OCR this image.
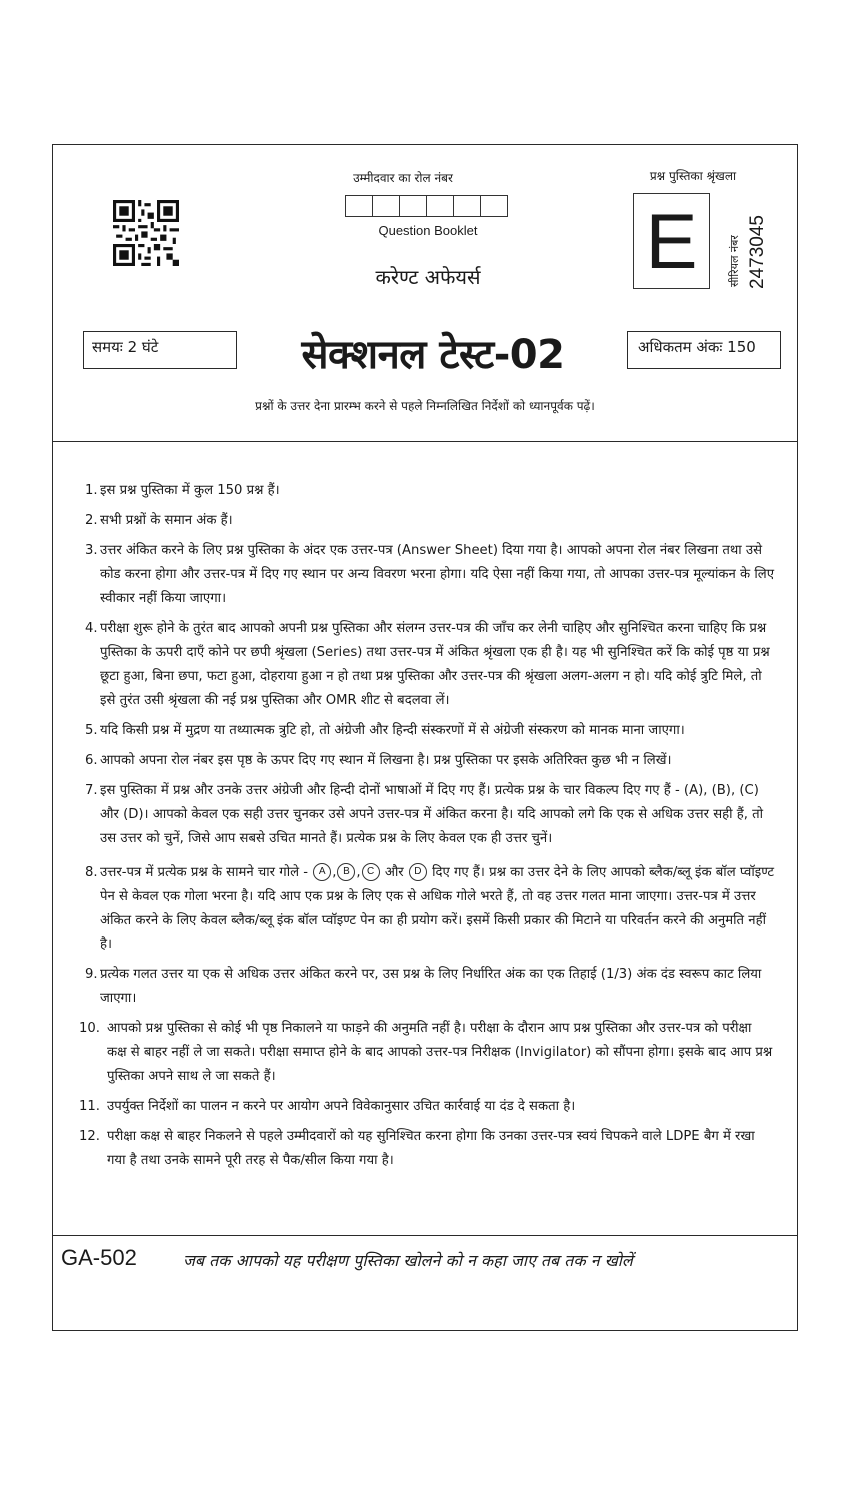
उम्मीदवार का रोल नंबर
Question Booklet
करेण्ट अफेयर्स
प्रश्न पुस्तिका श्रृंखला
E	सीरियल नंबर 2473045
समयः 2 घंटे	सेक्शनल टेस्ट-02	अधिकतम अंकः 150
प्रश्नों के उत्तर देना प्रारम्भ करने से पहले निम्नलिखित निर्देशों को ध्यानपूर्वक पढ़ें।
1. इस प्रश्न पुस्तिका में कुल 150 प्रश्न हैं।
2. सभी प्रश्नों के समान अंक हैं।
3. उत्तर अंकित करने के लिए प्रश्न पुस्तिका के अंदर एक उत्तर-पत्र (Answer Sheet) दिया गया है। आपको अपना रोल नंबर लिखना तथा उसे कोड करना होगा और उत्तर-पत्र में दिए गए स्थान पर अन्य विवरण भरना होगा। यदि ऐसा नहीं किया गया, तो आपका उत्तर-पत्र मूल्यांकन के लिए स्वीकार नहीं किया जाएगा।
4. परीक्षा शुरू होने के तुरंत बाद आपको अपनी प्रश्न पुस्तिका और संलग्न उत्तर-पत्र की जाँच कर लेनी चाहिए और सुनिश्चित करना चाहिए कि प्रश्न पुस्तिका के ऊपरी दाएँ कोने पर छपी श्रृंखला (Series) तथा उत्तर-पत्र में अंकित श्रृंखला एक ही है। यह भी सुनिश्चित करें कि कोई पृष्ठ या प्रश्न छूटा हुआ, बिना छपा, फटा हुआ, दोहराया हुआ न हो तथा प्रश्न पुस्तिका और उत्तर-पत्र की श्रृंखला अलग-अलग न हो। यदि कोई त्रुटि मिले, तो इसे तुरंत उसी श्रृंखला की नई प्रश्न पुस्तिका और OMR शीट से बदलवा लें।
5. यदि किसी प्रश्न में मुद्रण या तथ्यात्मक त्रुटि हो, तो अंग्रेजी और हिन्दी संस्करणों में से अंग्रेजी संस्करण को मानक माना जाएगा।
6. आपको अपना रोल नंबर इस पृष्ठ के ऊपर दिए गए स्थान में लिखना है। प्रश्न पुस्तिका पर इसके अतिरिक्त कुछ भी न लिखें।
7. इस पुस्तिका में प्रश्न और उनके उत्तर अंग्रेजी और हिन्दी दोनों भाषाओं में दिए गए हैं। प्रत्येक प्रश्न के चार विकल्प दिए गए हैं - (A), (B), (C) और (D)। आपको केवल एक सही उत्तर चुनकर उसे अपने उत्तर-पत्र में अंकित करना है। यदि आपको लगे कि एक से अधिक उत्तर सही हैं, तो उस उत्तर को चुनें, जिसे आप सबसे उचित मानते हैं। प्रत्येक प्रश्न के लिए केवल एक ही उत्तर चुनें।
8. उत्तर-पत्र में प्रत्येक प्रश्न के सामने चार गोले - A , B , C और D दिए गए हैं। प्रश्न का उत्तर देने के लिए आपको ब्लैक/ब्लू इंक बॉल प्वॉइण्ट पेन से केवल एक गोला भरना है। यदि आप एक प्रश्न के लिए एक से अधिक गोले भरते हैं, तो वह उत्तर गलत माना जाएगा। उत्तर-पत्र में उत्तर अंकित करने के लिए केवल ब्लैक/ब्लू इंक बॉल प्वॉइण्ट पेन का ही प्रयोग करें। इसमें किसी प्रकार की मिटाने या परिवर्तन करने की अनुमति नहीं है।
9. प्रत्येक गलत उत्तर या एक से अधिक उत्तर अंकित करने पर, उस प्रश्न के लिए निर्धारित अंक का एक तिहाई (1/3) अंक दंड स्वरूप काट लिया जाएगा।
10. आपको प्रश्न पुस्तिका से कोई भी पृष्ठ निकालने या फाड़ने की अनुमति नहीं है। परीक्षा के दौरान आप प्रश्न पुस्तिका और उत्तर-पत्र को परीक्षा कक्ष से बाहर नहीं ले जा सकते। परीक्षा समाप्त होने के बाद आपको उत्तर-पत्र निरीक्षक (Invigilator) को सौंपना होगा। इसके बाद आप प्रश्न पुस्तिका अपने साथ ले जा सकते हैं।
11. उपर्युक्त निर्देशों का पालन न करने पर आयोग अपने विवेकानुसार उचित कार्रवाई या दंड दे सकता है।
12. परीक्षा कक्ष से बाहर निकलने से पहले उम्मीदवारों को यह सुनिश्चित करना होगा कि उनका उत्तर-पत्र स्वयं चिपकने वाले LDPE बैग में रखा गया है तथा उनके सामने पूरी तरह से पैक/सील किया गया है।
GA-502	जब तक आपको यह परीक्षण पुस्तिका खोलने को न कहा जाए तब तक न खोलें
